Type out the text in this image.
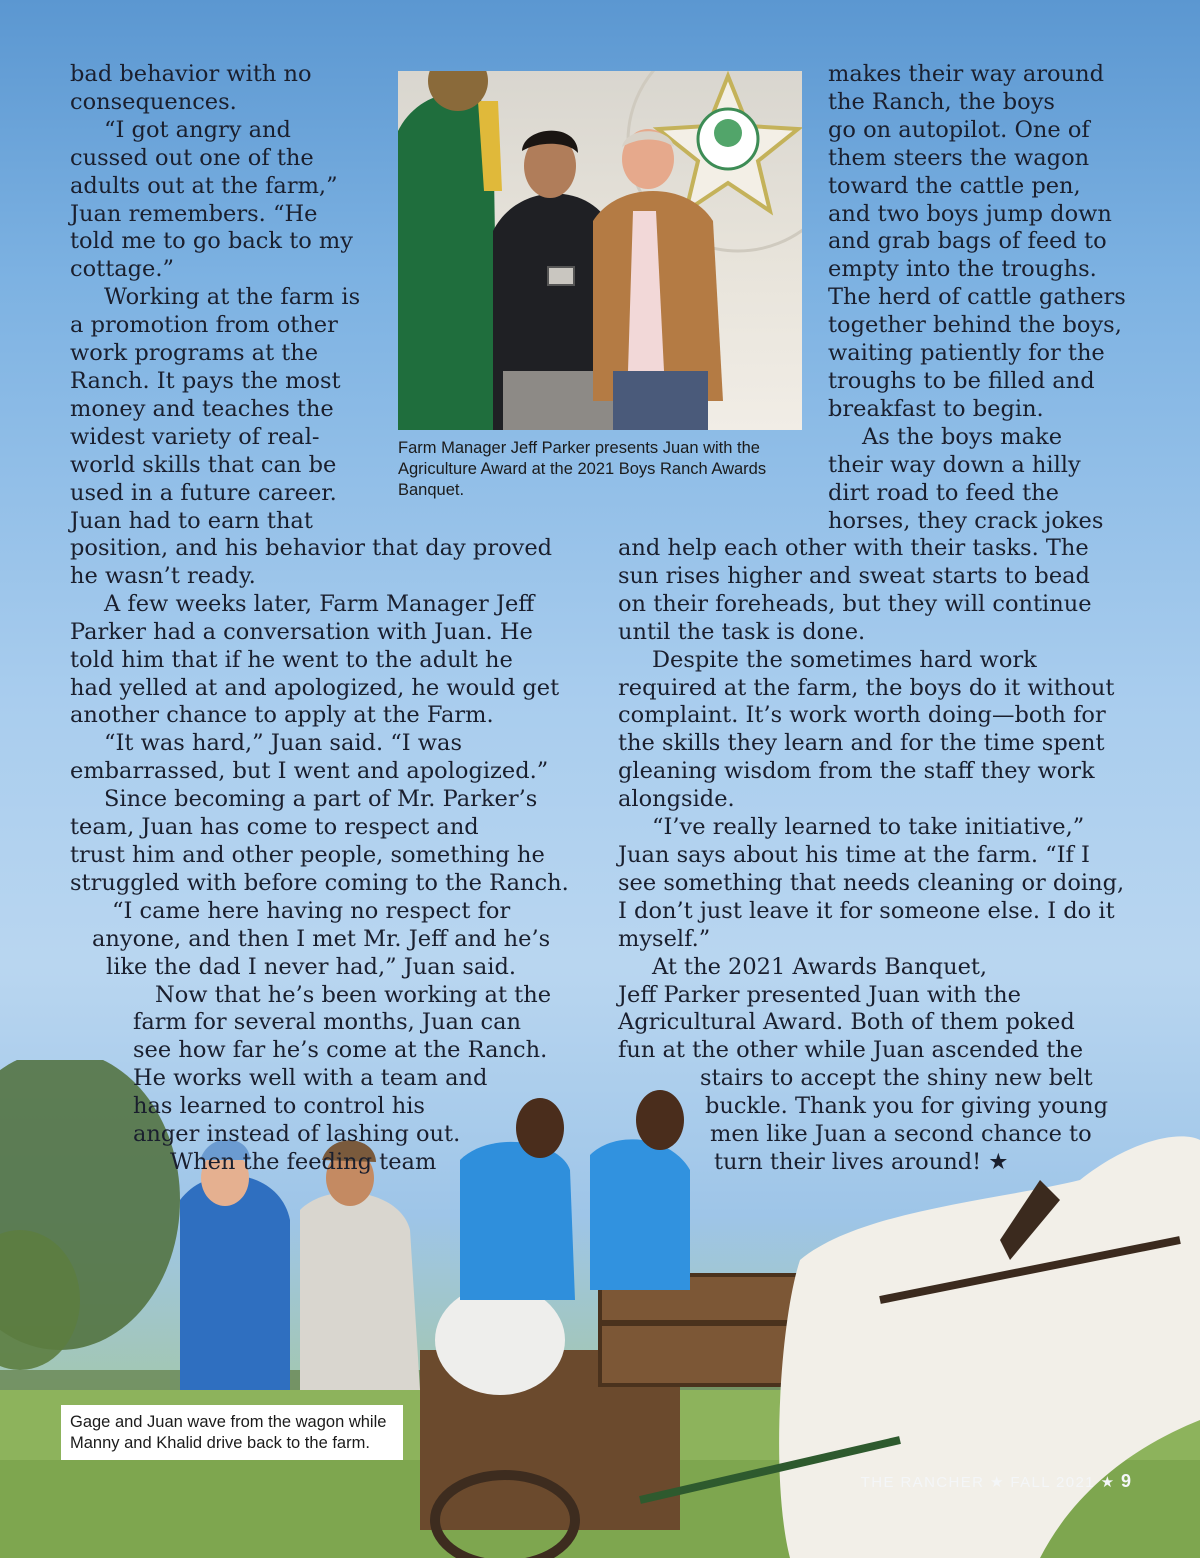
Farm Manager Jeff Parker presents Juan with the
Agriculture Award at the 2021 Boys Ranch Awards
Banquet.

bad behavior with no

consequences.

“I got angry and

cussed out one of the

adults out at the farm,”

Juan remembers. “He

told me to go back to my

cottage.”

Working at the farm is

a promotion from other

work programs at the

Ranch. It pays the most

money and teaches the

widest variety of real-

world skills that can be

used in a future career.

Juan had to earn that

position, and his behavior that day proved

he wasn’t ready.

A few weeks later, Farm Manager Jeff

Parker had a conversation with Juan. He

told him that if he went to the adult he

had yelled at and apologized, he would get

another chance to apply at the Farm.

“It was hard,” Juan said. “I was

embarrassed, but I went and apologized.”

Since becoming a part of Mr. Parker’s

team, Juan has come to respect and

trust him and other people, something he

struggled with before coming to the Ranch.

“I came here having no respect for

anyone, and then I met Mr. Jeff and he’s

like the dad I never had,” Juan said.

Now that he’s been working at the

farm for several months, Juan can

see how far he’s come at the Ranch.

He works well with a team and

has learned to control his

anger instead of lashing out.

When the feeding team

makes their way around

the Ranch, the boys

go on autopilot. One of

them steers the wagon

toward the cattle pen,

and two boys jump down

and grab bags of feed to

empty into the troughs.

The herd of cattle gathers

together behind the boys,

waiting patiently for the

troughs to be filled and

breakfast to begin.

As the boys make

their way down a hilly

dirt road to feed the

horses, they crack jokes

and help each other with their tasks. The

sun rises higher and sweat starts to bead

on their foreheads, but they will continue

until the task is done.

Despite the sometimes hard work

required at the farm, the boys do it without

complaint. It’s work worth doing—both for

the skills they learn and for the time spent

gleaning wisdom from the staff they work

alongside.

“I’ve really learned to take initiative,”

Juan says about his time at the farm. “If I

see something that needs cleaning or doing,

I don’t just leave it for someone else. I do it

myself.”

At the 2021 Awards Banquet,

Jeff Parker presented Juan with the

Agricultural Award. Both of them poked

fun at the other while Juan ascended the

stairs to accept the shiny new belt

buckle. Thank you for giving young

men like Juan a second chance to

turn their lives around! ★

Gage and Juan wave from the wagon while
Manny and Khalid drive back to the farm.
THE RANCHER ★ FALL 2021 ★ 9
